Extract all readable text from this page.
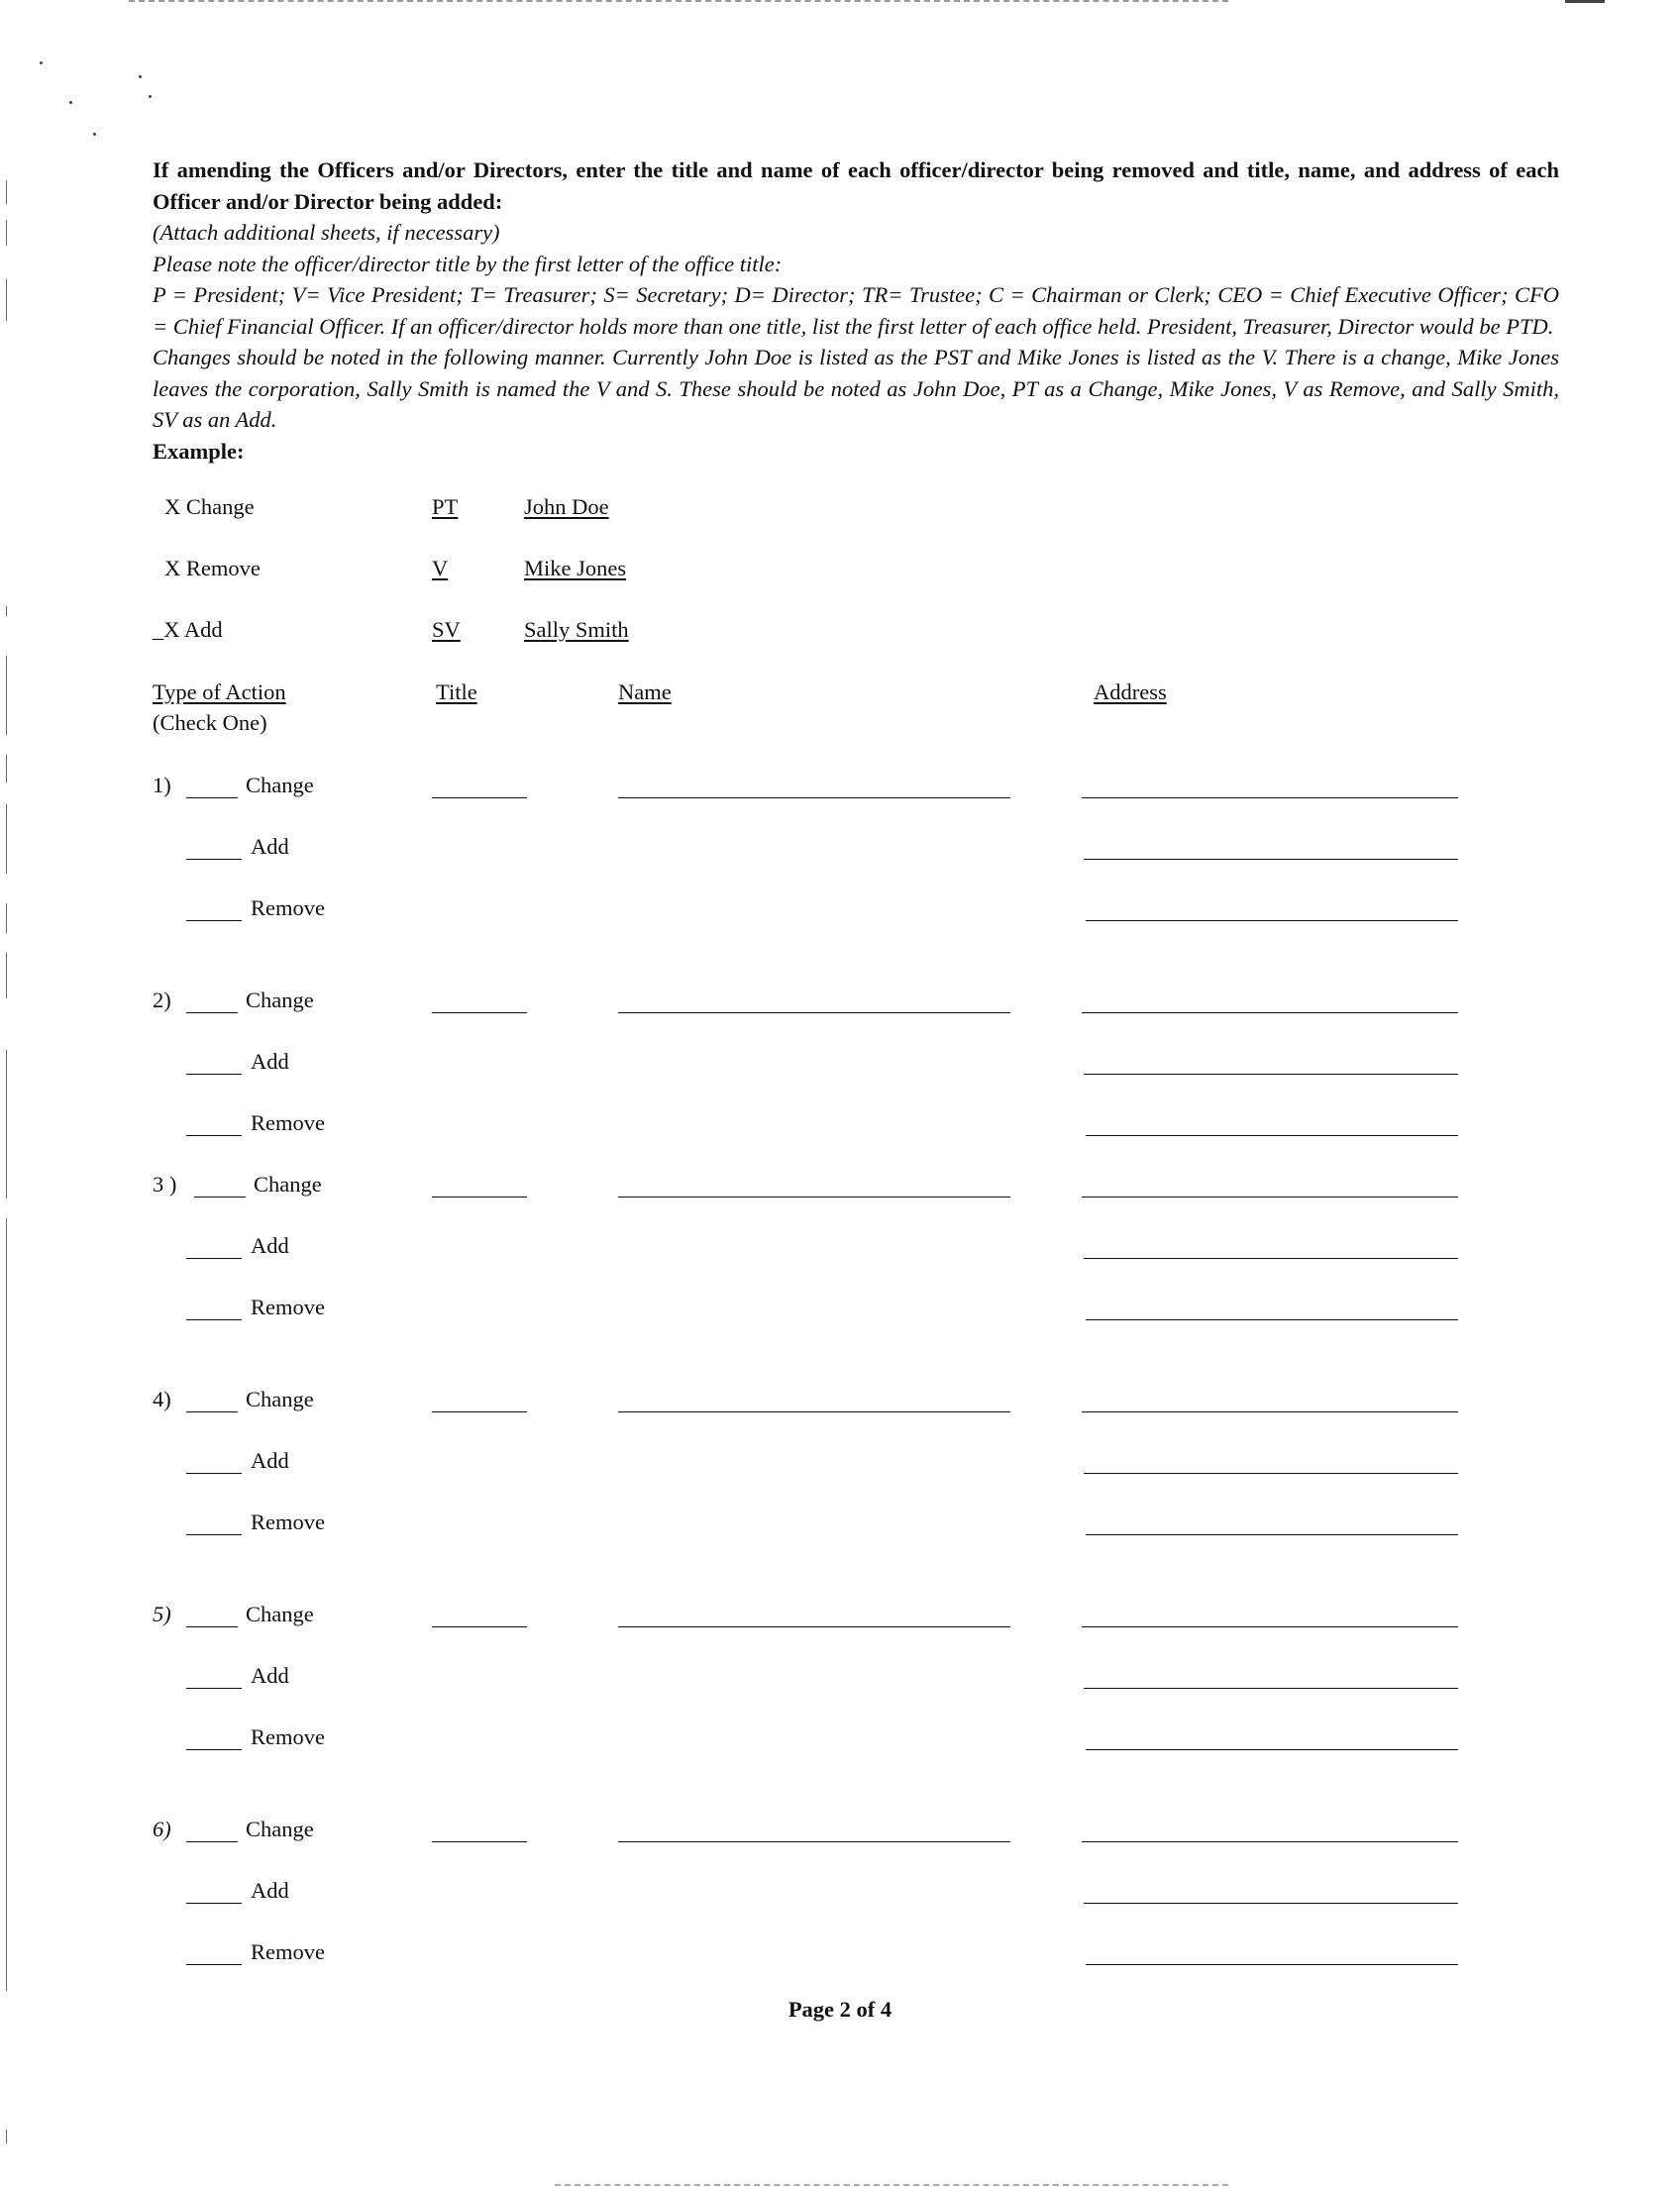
If amending the Officers and/or Directors, enter the title and name of each officer/director being removed and title, name, and address of each Officer and/or Director being added:

(Attach additional sheets, if necessary)

Please note the officer/director title by the first letter of the office title:

P = President; V= Vice President; T= Treasurer; S= Secretary; D= Director; TR= Trustee; C = Chairman or Clerk; CEO = Chief Executive Officer; CFO = Chief Financial Officer. If an officer/director holds more than one title, list the first letter of each office held. President, Treasurer, Director would be PTD.

Changes should be noted in the following manner. Currently John Doe is listed as the PST and Mike Jones is listed as the V. There is a change, Mike Jones leaves the corporation, Sally Smith is named the V and S. These should be noted as John Doe, PT as a Change, Mike Jones, V as Remove, and Sally Smith, SV as an Add.

Example:

X Change	PT	John Doe
X Remove	V	Mike Jones
_X Add	SV	Sally Smith
Type of Action
(Check One)
Title	Name	Address
1)	Change
Add
Remove
2)	Change
Add
Remove
3 )	Change
Add
Remove
4)	Change
Add
Remove
5)	Change
Add
Remove
6)	Change
Add
Remove
Page 2 of 4
